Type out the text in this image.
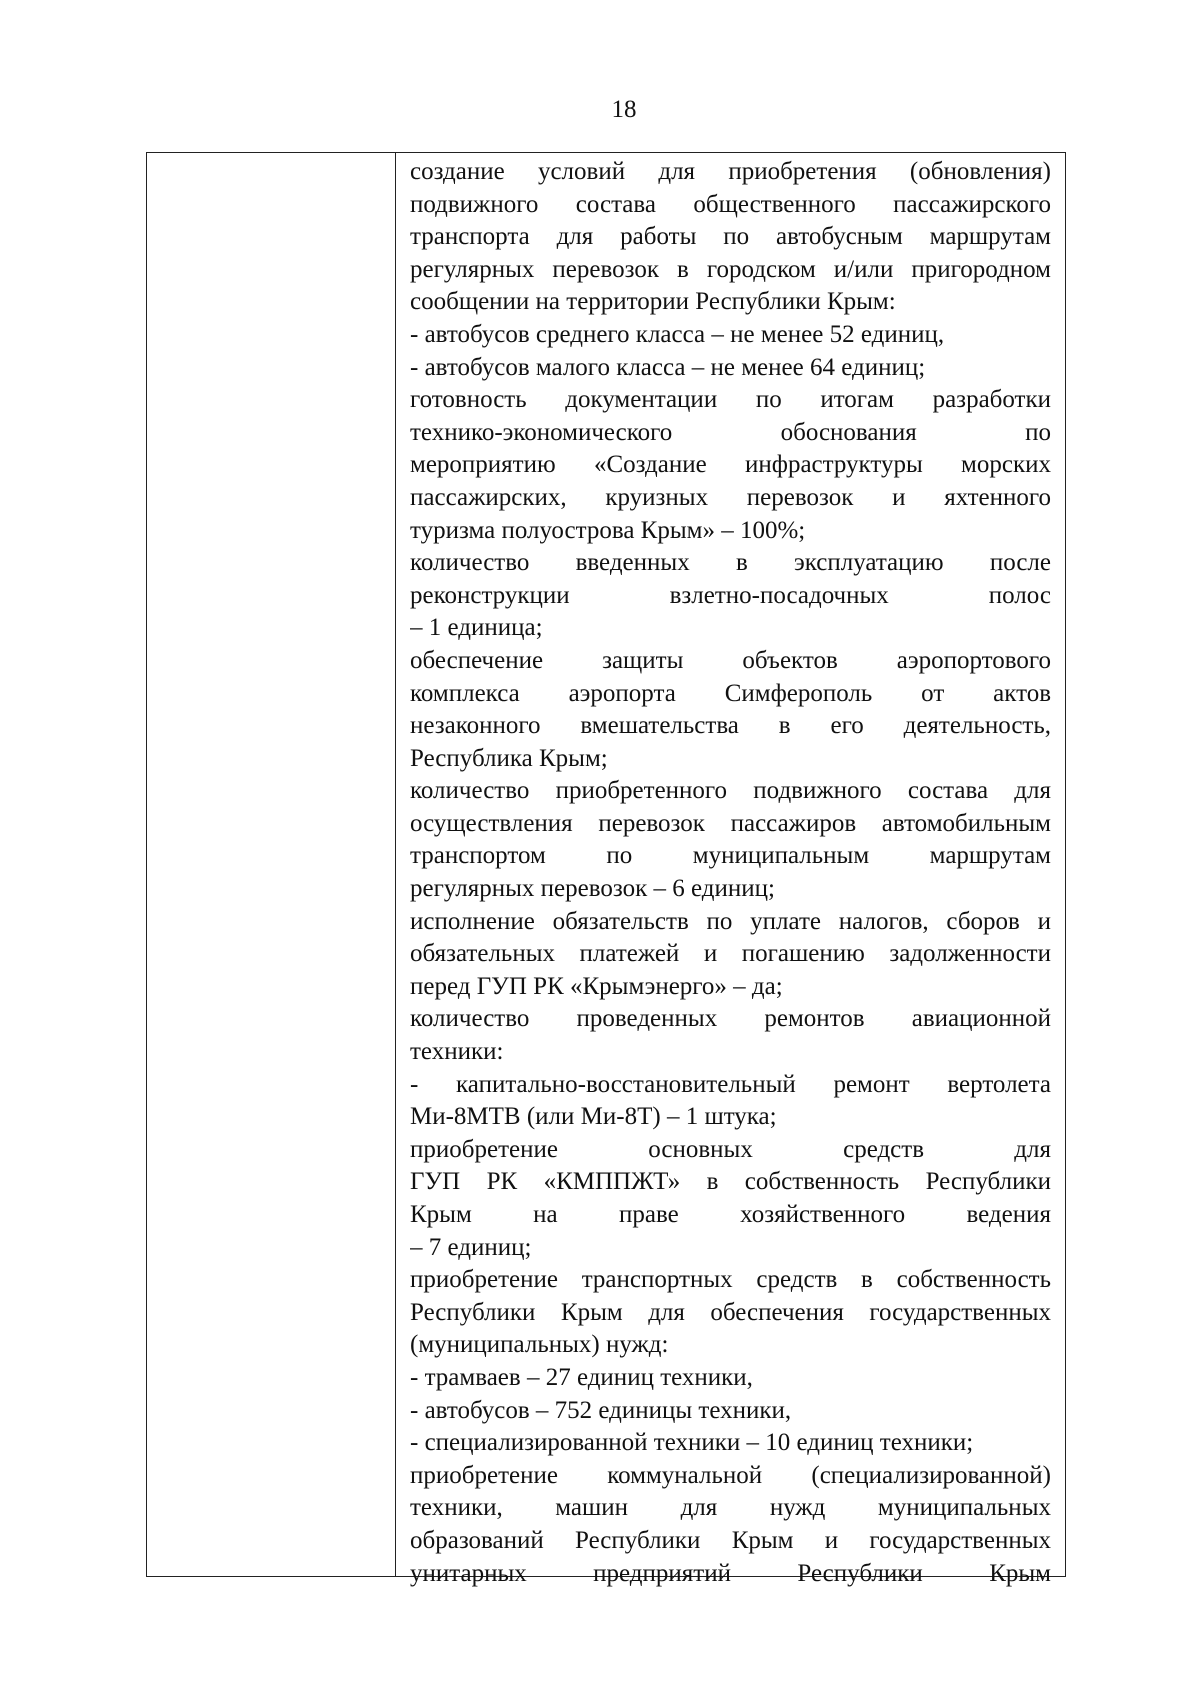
18
создание условий для приобретения (обновления)
подвижного состава общественного пассажирского
транспорта для работы по автобусным маршрутам
регулярных перевозок в городском и/или пригородном
сообщении на территории Республики Крым:
- автобусов среднего класса – не менее 52 единиц,
- автобусов малого класса – не менее 64 единиц;
готовность документации по итогам разработки
технико-экономического обоснования по
мероприятию «Создание инфраструктуры морских
пассажирских, круизных перевозок и яхтенного
туризма полуострова Крым» – 100%;
количество введенных в эксплуатацию после
реконструкции взлетно-посадочных полос
– 1 единица;
обеспечение защиты объектов аэропортового
комплекса аэропорта Симферополь от актов
незаконного вмешательства в его деятельность,
Республика Крым;
количество приобретенного подвижного состава для
осуществления перевозок пассажиров автомобильным
транспортом по муниципальным маршрутам
регулярных перевозок – 6 единиц;
исполнение обязательств по уплате налогов, сборов и
обязательных платежей и погашению задолженности
перед ГУП РК «Крымэнерго» – да;
количество проведенных ремонтов авиационной
техники:
- капитально-восстановительный ремонт вертолета
Ми-8МТВ (или Ми-8Т) – 1 штука;
приобретение основных средств для
ГУП РК «КМППЖТ» в собственность Республики
Крым на праве хозяйственного ведения
– 7 единиц;
приобретение транспортных средств в собственность
Республики Крым для обеспечения государственных
(муниципальных) нужд:
- трамваев – 27 единиц техники,
- автобусов – 752 единицы техники,
- специализированной техники – 10 единиц техники;
приобретение коммунальной (специализированной)
техники, машин для нужд муниципальных
образований Республики Крым и государственных
унитарных предприятий Республики Крым
